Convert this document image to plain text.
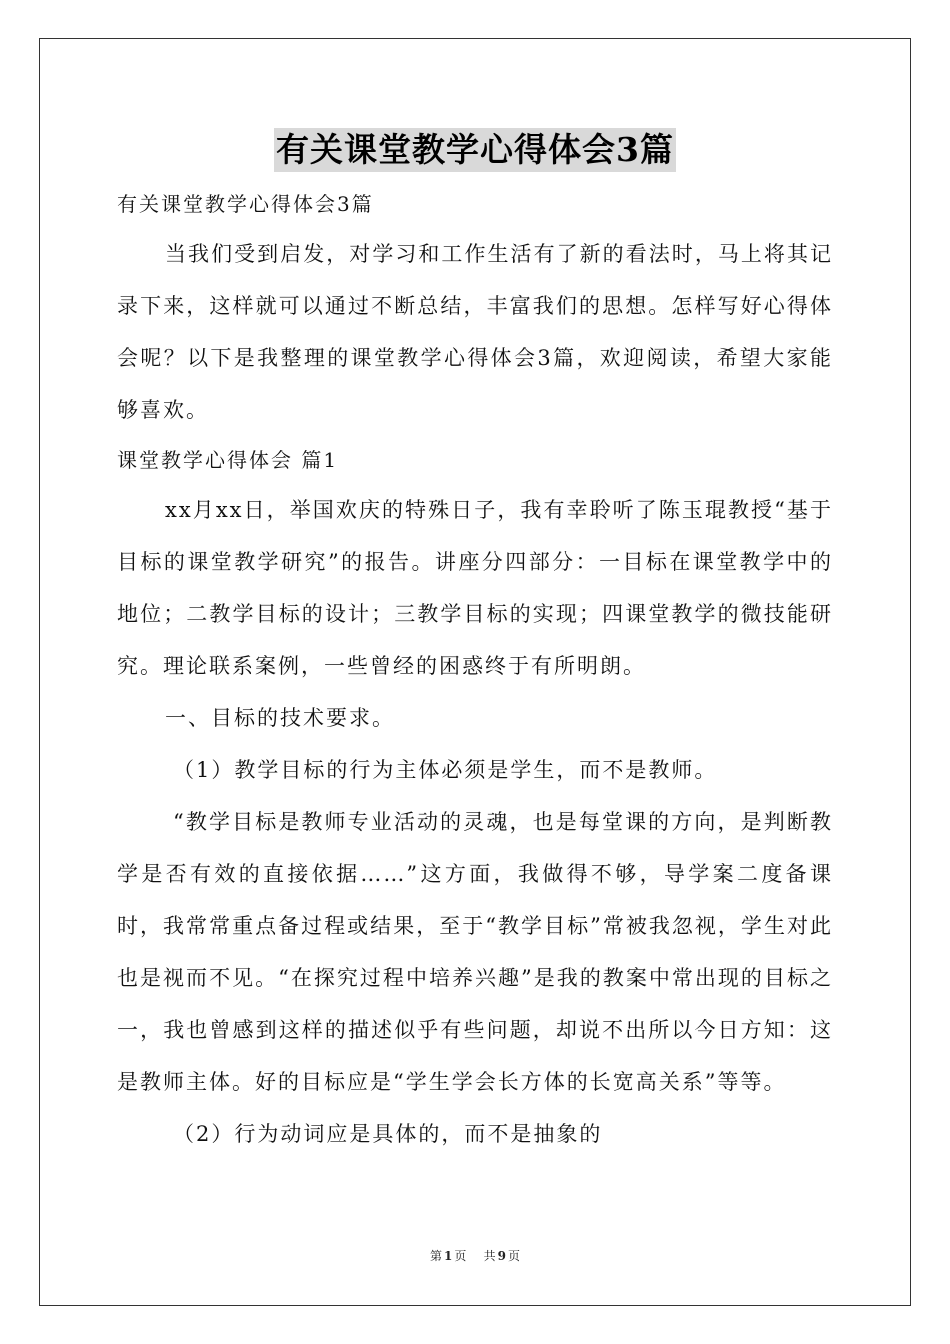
有关课堂教学心得体会3篇

有关课堂教学心得体会3篇

当我们受到启发，对学习和工作生活有了新的看法时，马上将其记录下来，这样就可以通过不断总结，丰富我们的思想。怎样写好心得体会呢？以下是我整理的课堂教学心得体会3篇，欢迎阅读，希望大家能够喜欢。

课堂教学心得体会 篇1

xx月xx日，举国欢庆的特殊日子，我有幸聆听了陈玉琨教授“基于目标的课堂教学研究”的报告。讲座分四部分：一目标在课堂教学中的地位；二教学目标的设计；三教学目标的实现；四课堂教学的微技能研究。理论联系案例，一些曾经的困惑终于有所明朗。

一、目标的技术要求。

（1）教学目标的行为主体必须是学生，而不是教师。

“教学目标是教师专业活动的灵魂，也是每堂课的方向，是判断教学是否有效的直接依据……”这方面，我做得不够，导学案二度备课时，我常常重点备过程或结果，至于“教学目标”常被我忽视，学生对此也是视而不见。“在探究过程中培养兴趣”是我的教案中常出现的目标之一，我也曾感到这样的描述似乎有些问题，却说不出所以今日方知：这是教师主体。好的目标应是“学生学会长方体的长宽高关系”等等。

（2）行为动词应是具体的，而不是抽象的

第 1 页 共 9 页
